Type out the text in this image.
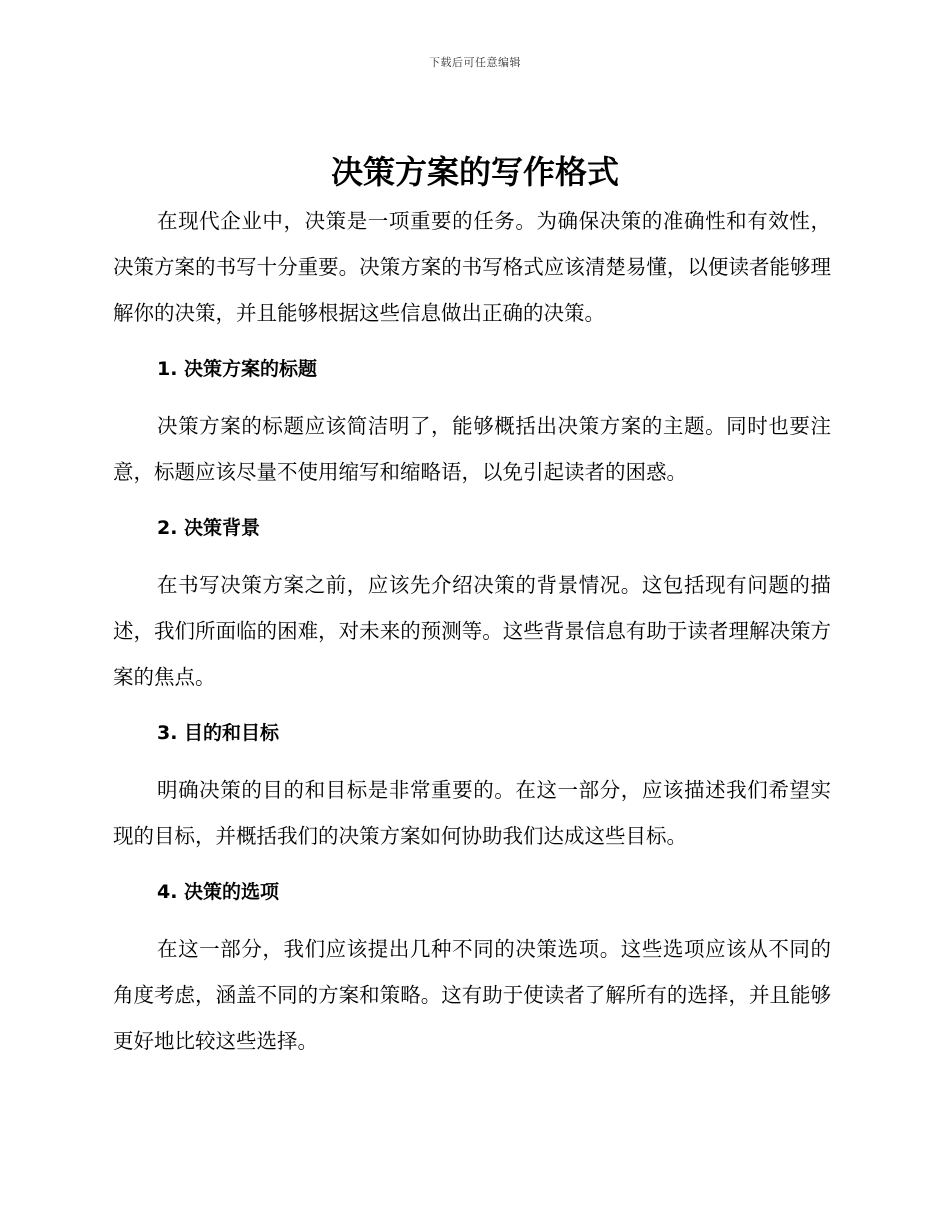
下载后可任意编辑
决策方案的写作格式

在现代企业中，决策是一项重要的任务。为确保决策的准确性和有效性，决策方案的书写十分重要。决策方案的书写格式应该清楚易懂，以便读者能够理解你的决策，并且能够根据这些信息做出正确的决策。

1. 决策方案的标题

决策方案的标题应该简洁明了，能够概括出决策方案的主题。同时也要注意，标题应该尽量不使用缩写和缩略语，以免引起读者的困惑。

2. 决策背景

在书写决策方案之前，应该先介绍决策的背景情况。这包括现有问题的描述，我们所面临的困难，对未来的预测等。这些背景信息有助于读者理解决策方案的焦点。

3. 目的和目标

明确决策的目的和目标是非常重要的。在这一部分，应该描述我们希望实现的目标，并概括我们的决策方案如何协助我们达成这些目标。

4. 决策的选项

在这一部分，我们应该提出几种不同的决策选项。这些选项应该从不同的角度考虑，涵盖不同的方案和策略。这有助于使读者了解所有的选择，并且能够更好地比较这些选择。
